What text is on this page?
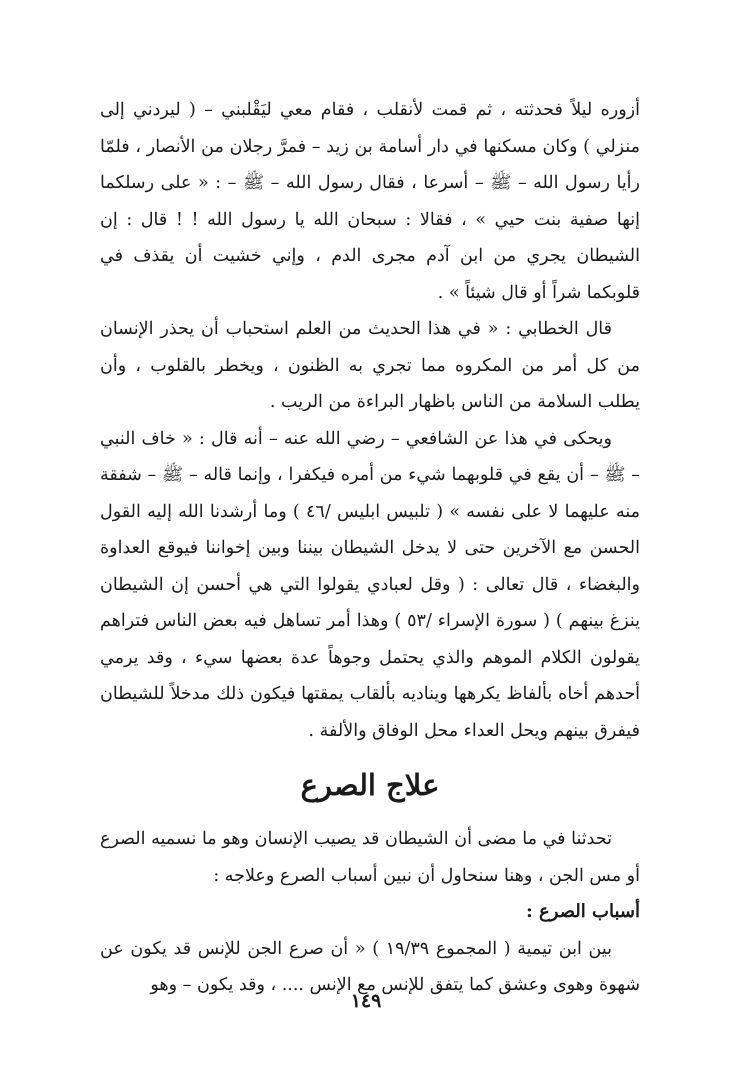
أزوره ليلاً فحدثته ، ثم قمت لأنقلب ، فقام معي ليَقْلبني – ( ليردني إلى منزلي ) وكان مسكنها في دار أسامة بن زيد – فمرَّ رجلان من الأنصار ، فلمّا رأيا رسول الله – ﷺ – أسرعا ، فقال رسول الله – ﷺ – : « على رسلكما إنها صفية بنت حيي » ، فقالا : سبحان الله يا رسول الله ! ! قال : إن الشيطان يجري من ابن آدم مجرى الدم ، وإني خشيت أن يقذف في قلوبكما شراً أو قال شيئاً » .

قال الخطابي : « في هذا الحديث من العلم استحباب أن يحذر الإنسان من كل أمر من المكروه مما تجري به الظنون ، ويخطر بالقلوب ، وأن يطلب السلامة من الناس باظهار البراءة من الريب .

ويحكى في هذا عن الشافعي – رضي الله عنه – أنه قال : « خاف النبي – ﷺ – أن يقع في قلوبهما شيء من أمره فيكفرا ، وإنما قاله – ﷺ – شفقة منه عليهما لا على نفسه » ( تلبيس ابليس /٤٦ ) وما أرشدنا الله إليه القول الحسن مع الآخرين حتى لا يدخل الشيطان بيننا وبين إخواننا فيوقع العداوة والبغضاء ، قال تعالى : ( وقل لعبادي يقولوا التي هي أحسن إن الشيطان ينزغ بينهم ) ( سورة الإسراء /٥٣ ) وهذا أمر تساهل فيه بعض الناس فتراهم يقولون الكلام الموهم والذي يحتمل وجوهاً عدة بعضها سيء ، وقد يرمي أحدهم أخاه بألفاظ يكرهها ويناديه بألقاب يمقتها فيكون ذلك مدخلاً للشيطان فيفرق بينهم ويحل العداء محل الوفاق والألفة .

علاج الصرع

تحدثنا في ما مضى أن الشيطان قد يصيب الإنسان وهو ما نسميه الصرع أو مس الجن ، وهنا سنحاول أن نبين أسباب الصرع وعلاجه :

أسباب الصرع :

بين ابن تيمية ( المجموع ١٩/٣٩ ) « أن صرع الجن للإنس قد يكون عن شهوة وهوى وعشق كما يتفق للإنس مع الإنس .... ، وقد يكون – وهو

١٤٩
